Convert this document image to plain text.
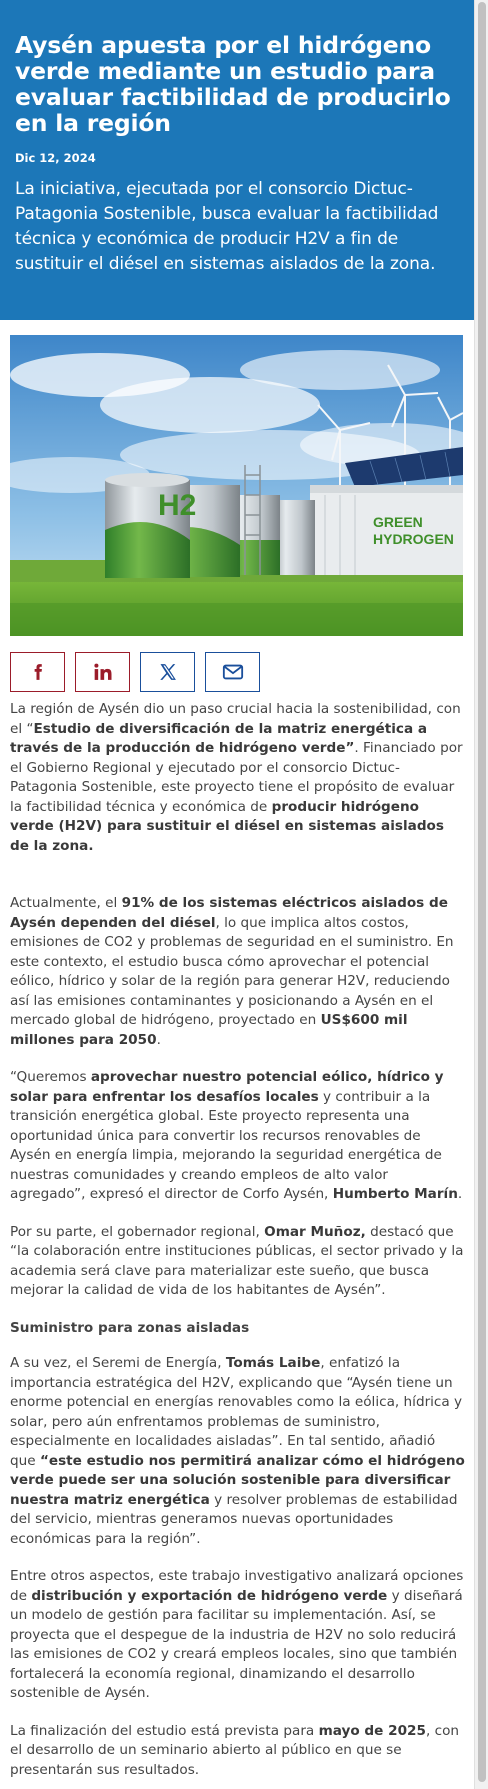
Aysén apuesta por el hidrógeno verde mediante un estudio para evaluar factibilidad de producirlo en la región
Dic 12, 2024

La iniciativa, ejecutada por el consorcio Dictuc-Patagonia Sostenible, busca evaluar la factibilidad técnica y económica de producir H2V a fin de sustituir el diésel en sistemas aislados de la zona.

GREEN
HYDROGEN
H2

La región de Aysén dio un paso crucial hacia la sostenibilidad, con el “Estudio de diversificación de la matriz energética a través de la producción de hidrógeno verde”. Financiado por el Gobierno Regional y ejecutado por el consorcio Dictuc-Patagonia Sostenible, este proyecto tiene el propósito de evaluar la factibilidad técnica y económica de producir hidrógeno verde (H2V) para sustituir el diésel en sistemas aislados de la zona.

Actualmente, el 91% de los sistemas eléctricos aislados de Aysén dependen del diésel, lo que implica altos costos, emisiones de CO2 y problemas de seguridad en el suministro. En este contexto, el estudio busca cómo aprovechar el potencial eólico, hídrico y solar de la región para generar H2V, reduciendo así las emisiones contaminantes y posicionando a Aysén en el mercado global de hidrógeno, proyectado en US$600 mil millones para 2050.

“Queremos aprovechar nuestro potencial eólico, hídrico y solar para enfrentar los desafíos locales y contribuir a la transición energética global. Este proyecto representa una oportunidad única para convertir los recursos renovables de Aysén en energía limpia, mejorando la seguridad energética de nuestras comunidades y creando empleos de alto valor agregado”, expresó el director de Corfo Aysén, Humberto Marín.

Por su parte, el gobernador regional, Omar Muñoz, destacó que “la colaboración entre instituciones públicas, el sector privado y la academia será clave para materializar este sueño, que busca mejorar la calidad de vida de los habitantes de Aysén”.

Suministro para zonas aisladas

A su vez, el Seremi de Energía, Tomás Laibe, enfatizó la importancia estratégica del H2V, explicando que “Aysén tiene un enorme potencial en energías renovables como la eólica, hídrica y solar, pero aún enfrentamos problemas de suministro, especialmente en localidades aisladas”. En tal sentido, añadió que “este estudio nos permitirá analizar cómo el hidrógeno verde puede ser una solución sostenible para diversificar nuestra matriz energética y resolver problemas de estabilidad del servicio, mientras generamos nuevas oportunidades económicas para la región”.

Entre otros aspectos, este trabajo investigativo analizará opciones de distribución y exportación de hidrógeno verde y diseñará un modelo de gestión para facilitar su implementación. Así, se proyecta que el despegue de la industria de H2V no solo reducirá las emisiones de CO2 y creará empleos locales, sino que también fortalecerá la economía regional, dinamizando el desarrollo sostenible de Aysén.

La finalización del estudio está prevista para mayo de 2025, con el desarrollo de un seminario abierto al público en que se presentarán sus resultados.
